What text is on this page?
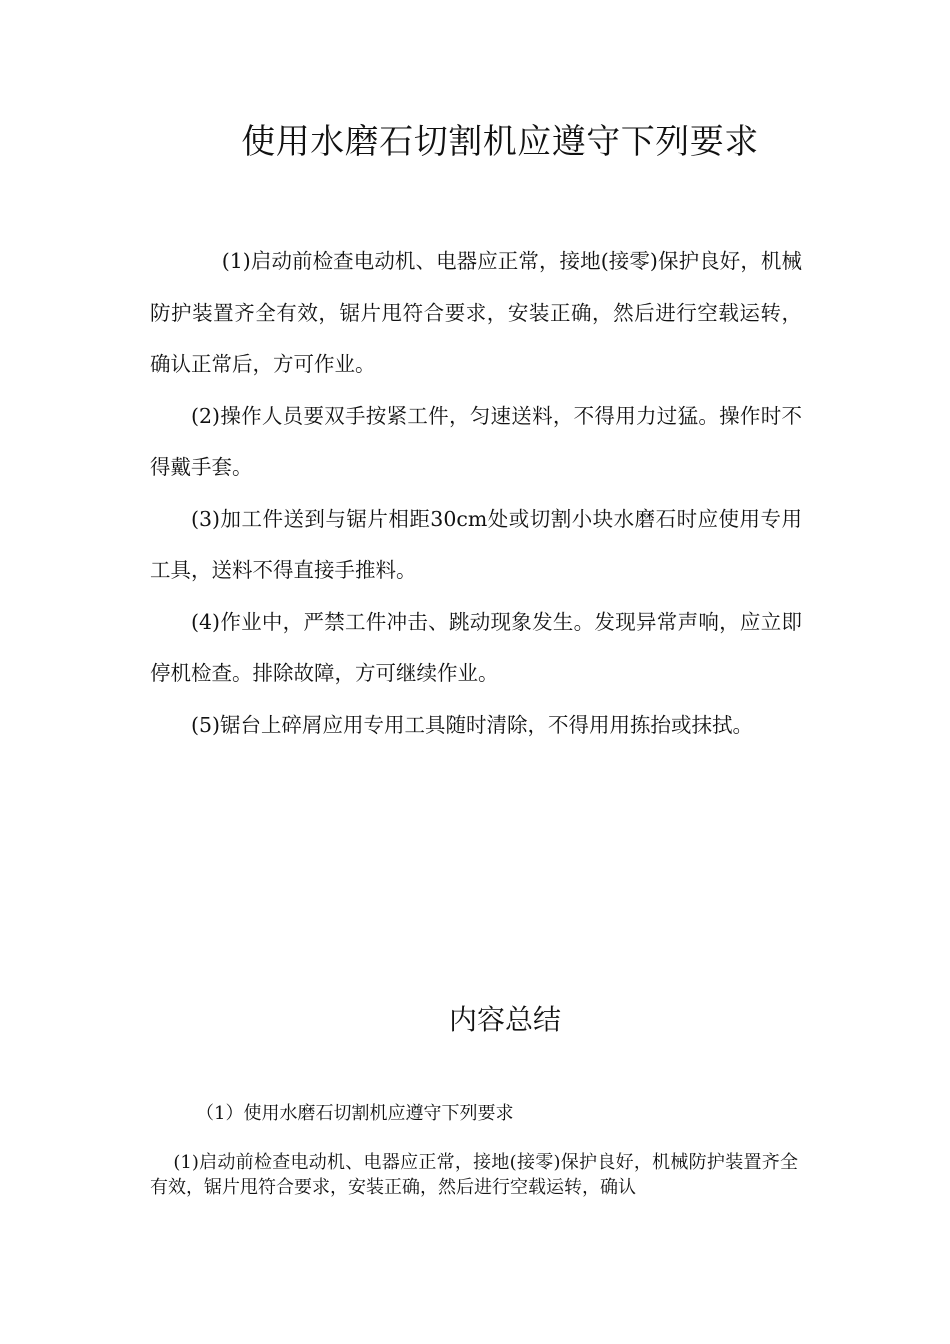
使用水磨石切割机应遵守下列要求

(1)启动前检查电动机、电器应正常，接地(接零)保护良好，机械防护装置齐全有效，锯片甩符合要求，安装正确，然后进行空载运转，确认正常后，方可作业。

(2)操作人员要双手按紧工件，匀速送料，不得用力过猛。操作时不得戴手套。

(3)加工件送到与锯片相距30cm处或切割小块水磨石时应使用专用工具，送料不得直接手推料。

(4)作业中，严禁工件冲击、跳动现象发生。发现异常声响，应立即停机检查。排除故障，方可继续作业。

(5)锯台上碎屑应用专用工具随时清除，不得用用拣抬或抹拭。

内容总结

（1）使用水磨石切割机应遵守下列要求

(1)启动前检查电动机、电器应正常，接地(接零)保护良好，机械防护装置齐全有效，锯片甩符合要求，安装正确，然后进行空载运转，确认
